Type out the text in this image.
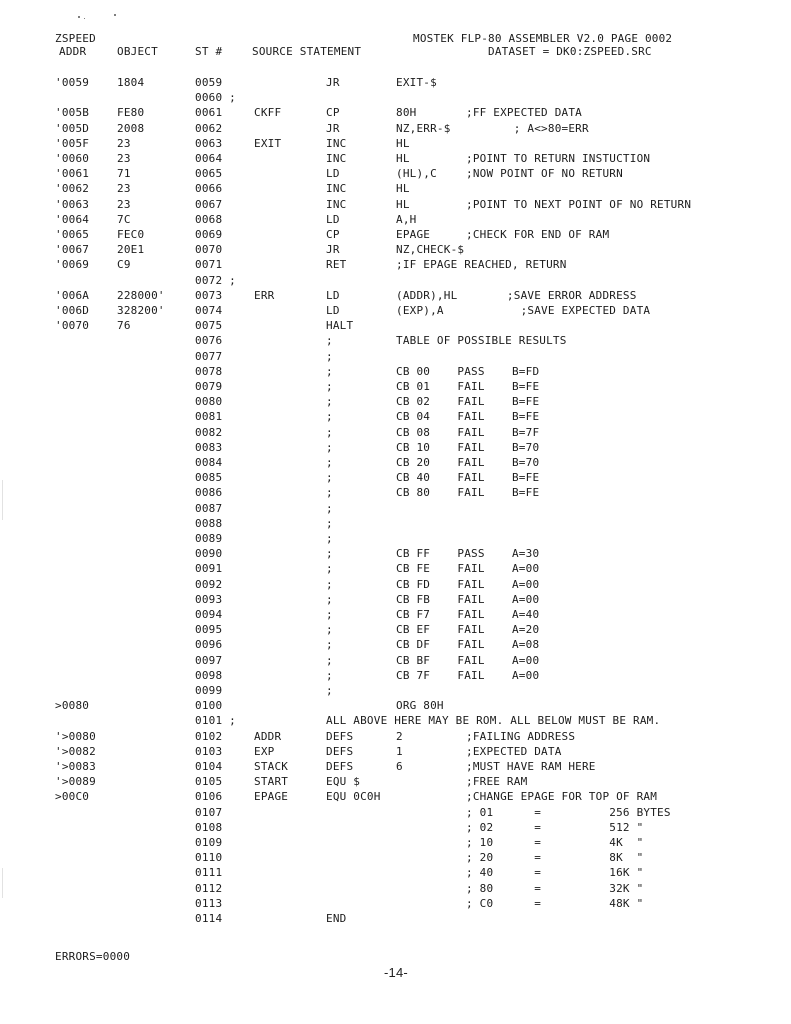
ZSPEED	MOSTEK FLP-80 ASSEMBLER V2.0 PAGE 0002
ADDR	OBJECT	ST #	SOURCE STATEMENT	DATASET = DK0:ZSPEED.SRC
'0059	1804	0059	JR	EXIT-$
0060 ;
'005B	FE80	0061	CKFF	CP	80H	;FF EXPECTED DATA
'005D	2008	0062	JR	NZ,ERR-$ ; A<>80=ERR
'005F	23	0063	EXIT	INC	HL
'0060	23	0064	INC	HL	;POINT TO RETURN INSTUCTION
'0061	71	0065	LD	(HL),C	;NOW POINT OF NO RETURN
'0062	23	0066	INC	HL
'0063	23	0067	INC	HL	;POINT TO NEXT POINT OF NO RETURN
'0064	7C	0068	LD	A,H
'0065	FEC0	0069	CP	EPAGE	;CHECK FOR END OF RAM
'0067	20E1	0070	JR	NZ,CHECK-$
'0069	C9	0071	RET	;IF EPAGE REACHED, RETURN
0072 ;
'006A	228000'	0073	ERR	LD	(ADDR),HL ;SAVE ERROR ADDRESS
'006D	328200'	0074	LD	(EXP),A ;SAVE EXPECTED DATA
'0070	76	0075	HALT
0076	;	TABLE OF POSSIBLE RESULTS
0077	;
0078	;	CB 00    PASS    B=FD
0079	;	CB 01    FAIL    B=FE
0080	;	CB 02    FAIL    B=FE
0081	;	CB 04    FAIL    B=FE
0082	;	CB 08    FAIL    B=7F
0083	;	CB 10    FAIL    B=70
0084	;	CB 20    FAIL    B=70
0085	;	CB 40    FAIL    B=FE
0086	;	CB 80    FAIL    B=FE
0087	;
0088	;
0089	;
0090	;	CB FF    PASS    A=30
0091	;	CB FE    FAIL    A=00
0092	;	CB FD    FAIL    A=00
0093	;	CB FB    FAIL    A=00
0094	;	CB F7    FAIL    A=40
0095	;	CB EF    FAIL    A=20
0096	;	CB DF    FAIL    A=08
0097	;	CB BF    FAIL    A=00
0098	;	CB 7F    FAIL    A=00
0099	;
>0080	0100	ORG 80H
0101 ;	ALL ABOVE HERE MAY BE ROM. ALL BELOW MUST BE RAM.
'>0080	0102	ADDR	DEFS	2	;FAILING ADDRESS
'>0082	0103	EXP	DEFS	1	;EXPECTED DATA
'>0083	0104	STACK	DEFS	6	;MUST HAVE RAM HERE
'>0089	0105	START	EQU $	;FREE RAM
>00C0	0106	EPAGE	EQU 0C0H	;CHANGE EPAGE FOR TOP OF RAM
0107	; 01      =          256 BYTES
0108	; 02      =          512 "
0109	; 10      =          4K  "
0110	; 20      =          8K  "
0111	; 40      =          16K "
0112	; 80      =          32K "
0113	; C0      =          48K "
0114	END
ERRORS=0000
-14-
